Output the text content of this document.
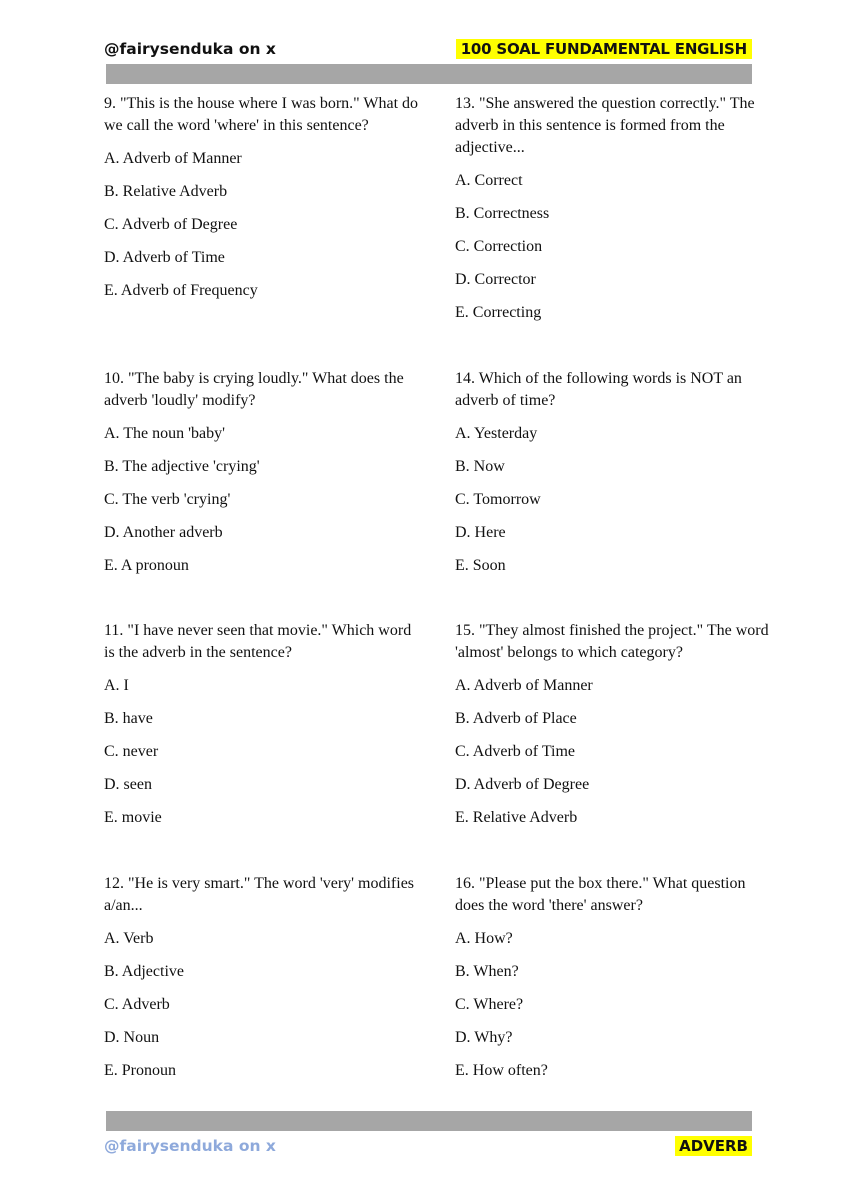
@fairysenduka on x	100 SOAL FUNDAMENTAL ENGLISH
9. "This is the house where I was born." What do we call the word 'where' in this sentence?
A. Adverb of Manner
B. Relative Adverb
C. Adverb of Degree
D. Adverb of Time
E. Adverb of Frequency
10. "The baby is crying loudly." What does the adverb 'loudly' modify?
A. The noun 'baby'
B. The adjective 'crying'
C. The verb 'crying'
D. Another adverb
E. A pronoun
11. "I have never seen that movie." Which word is the adverb in the sentence?
A. I
B. have
C. never
D. seen
E. movie
12. "He is very smart." The word 'very' modifies a/an...
A. Verb
B. Adjective
C. Adverb
D. Noun
E. Pronoun
13. "She answered the question correctly." The adverb in this sentence is formed from the adjective...
A. Correct
B. Correctness
C. Correction
D. Corrector
E. Correcting
14. Which of the following words is NOT an adverb of time?
A. Yesterday
B. Now
C. Tomorrow
D. Here
E. Soon
15. "They almost finished the project." The word 'almost' belongs to which category?
A. Adverb of Manner
B. Adverb of Place
C. Adverb of Time
D. Adverb of Degree
E. Relative Adverb
16. "Please put the box there." What question does the word 'there' answer?
A. How?
B. When?
C. Where?
D. Why?
E. How often?
@fairysenduka on x	ADVERB
